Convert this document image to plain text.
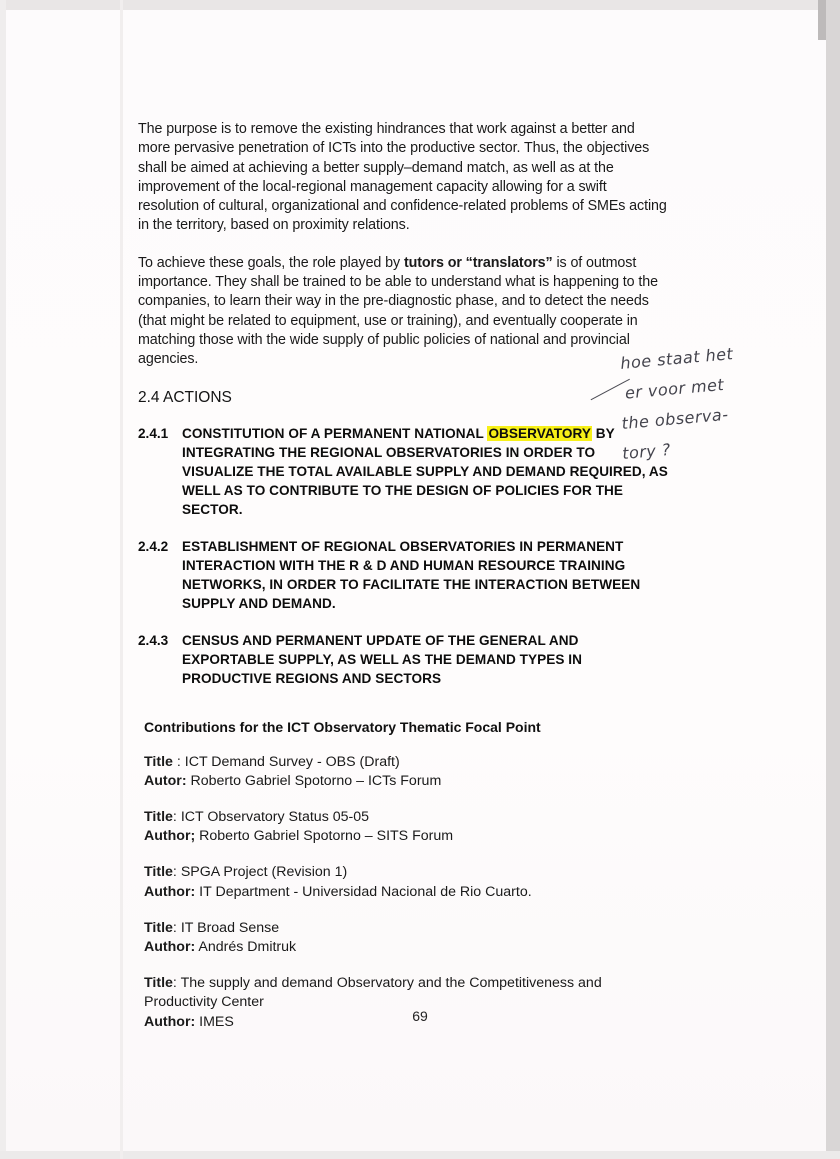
The purpose is to remove the existing hindrances that work against a better and more pervasive penetration of ICTs into the productive sector. Thus, the objectives shall be aimed at achieving a better supply–demand match, as well as at the improvement of the local-regional management capacity allowing for a swift resolution of cultural, organizational and confidence-related problems of SMEs acting in the territory, based on proximity relations.

To achieve these goals, the role played by tutors or “translators” is of outmost importance. They shall be trained to be able to understand what is happening to the companies, to learn their way in the pre-diagnostic phase, and to detect the needs (that might be related to equipment, use or training), and eventually cooperate in matching those with the wide supply of public policies of national and provincial agencies.

2.4 ACTIONS
2.4.1	CONSTITUTION OF A PERMANENT NATIONAL OBSERVATORY BY INTEGRATING THE REGIONAL OBSERVATORIES IN ORDER TO VISUALIZE THE TOTAL AVAILABLE SUPPLY AND DEMAND REQUIRED, AS WELL AS TO CONTRIBUTE TO THE DESIGN OF POLICIES FOR THE SECTOR.
2.4.2	ESTABLISHMENT OF REGIONAL OBSERVATORIES IN PERMANENT INTERACTION WITH THE R & D AND HUMAN RESOURCE TRAINING NETWORKS, IN ORDER TO FACILITATE THE INTERACTION BETWEEN SUPPLY AND DEMAND.
2.4.3	CENSUS AND PERMANENT UPDATE OF THE GENERAL AND EXPORTABLE SUPPLY, AS WELL AS THE DEMAND TYPES IN PRODUCTIVE REGIONS AND SECTORS
Contributions for the ICT Observatory Thematic Focal Point
Title : ICT Demand Survey - OBS (Draft)
Autor: Roberto Gabriel Spotorno – ICTs Forum
Title: ICT Observatory Status 05-05
Author; Roberto Gabriel Spotorno – SITS Forum
Title: SPGA Project (Revision 1)
Author: IT Department - Universidad Nacional de Rio Cuarto.
Title: IT Broad Sense
Author: Andrés Dmitruk
Title: The supply and demand Observatory and the Competitiveness and Productivity Center
Author: IMES	69
hoe staat het
er voor met
the observa-
tory ?
